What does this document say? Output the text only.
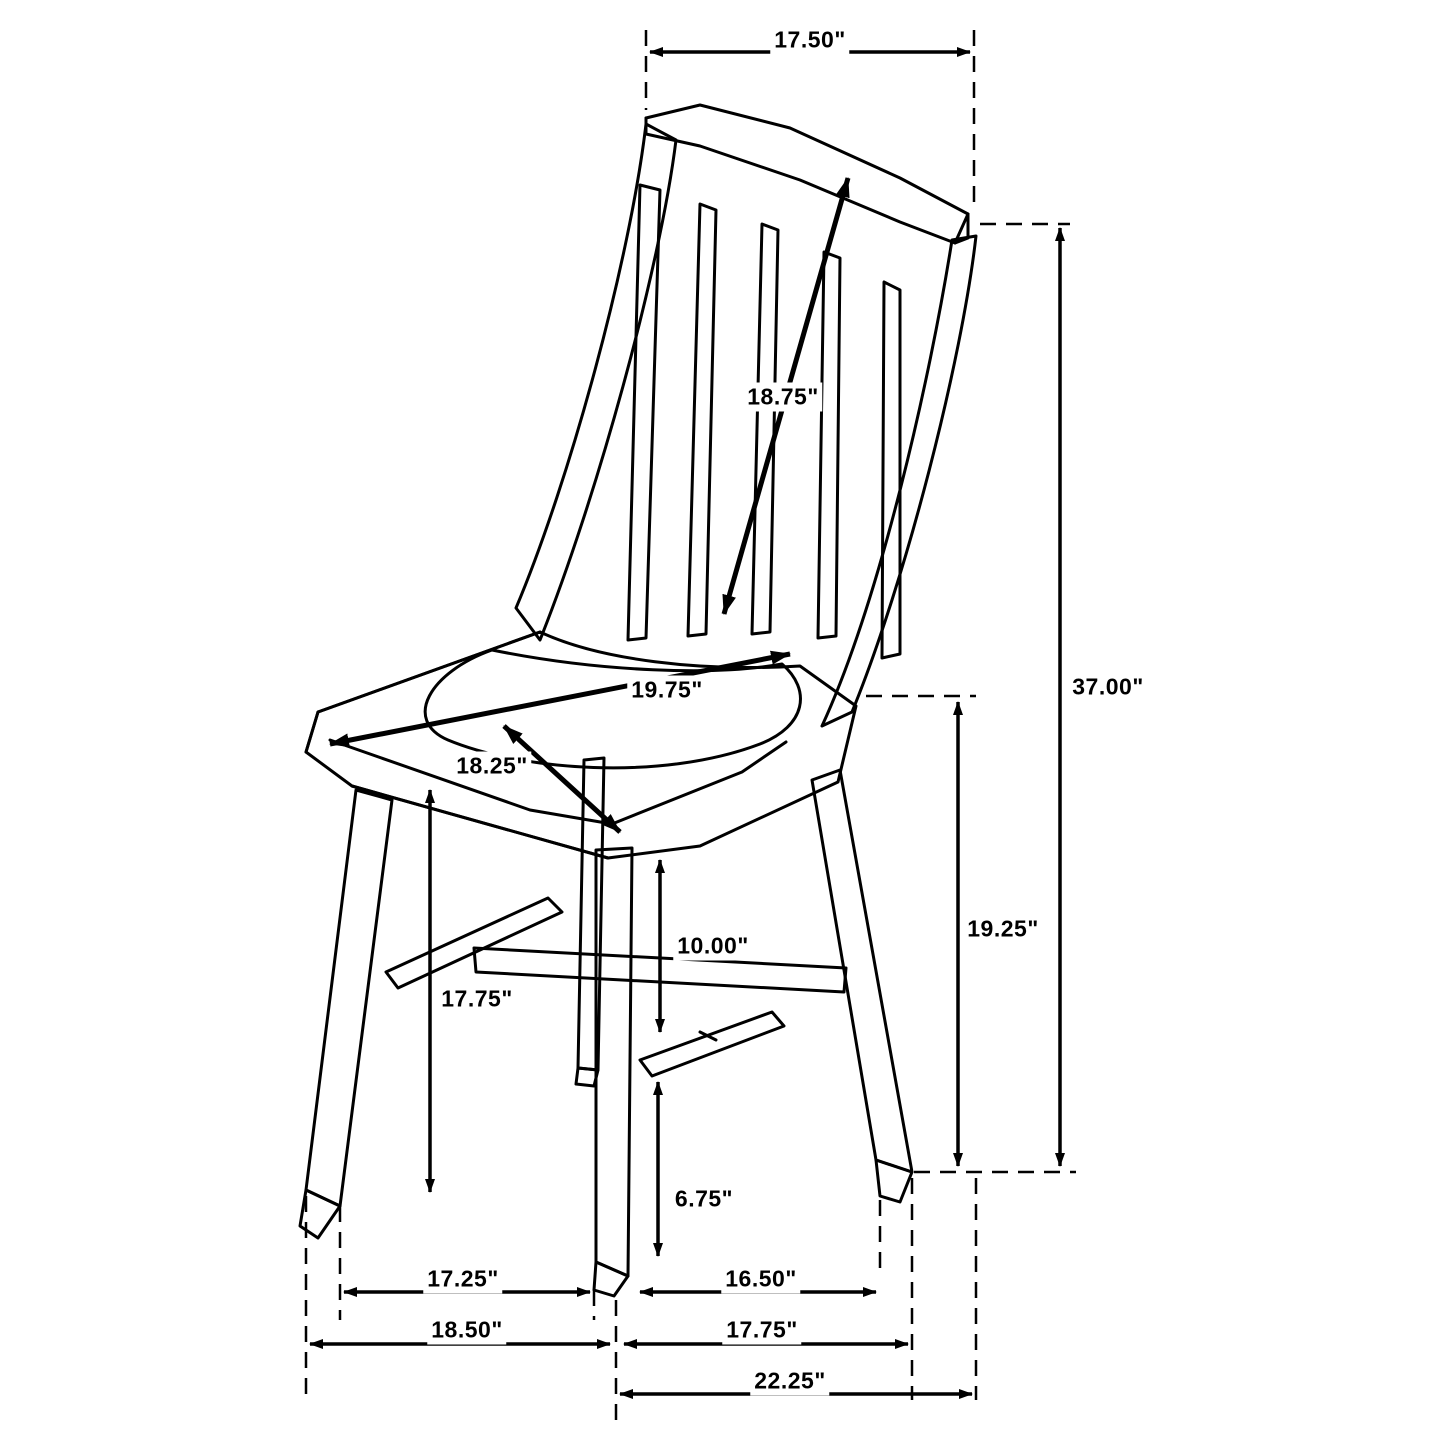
17.50"
18.75"
37.00"
19.75"
18.25"
19.25"
10.00"
17.75"
6.75"
17.25"	16.50"
18.50"	17.75"
22.25"
